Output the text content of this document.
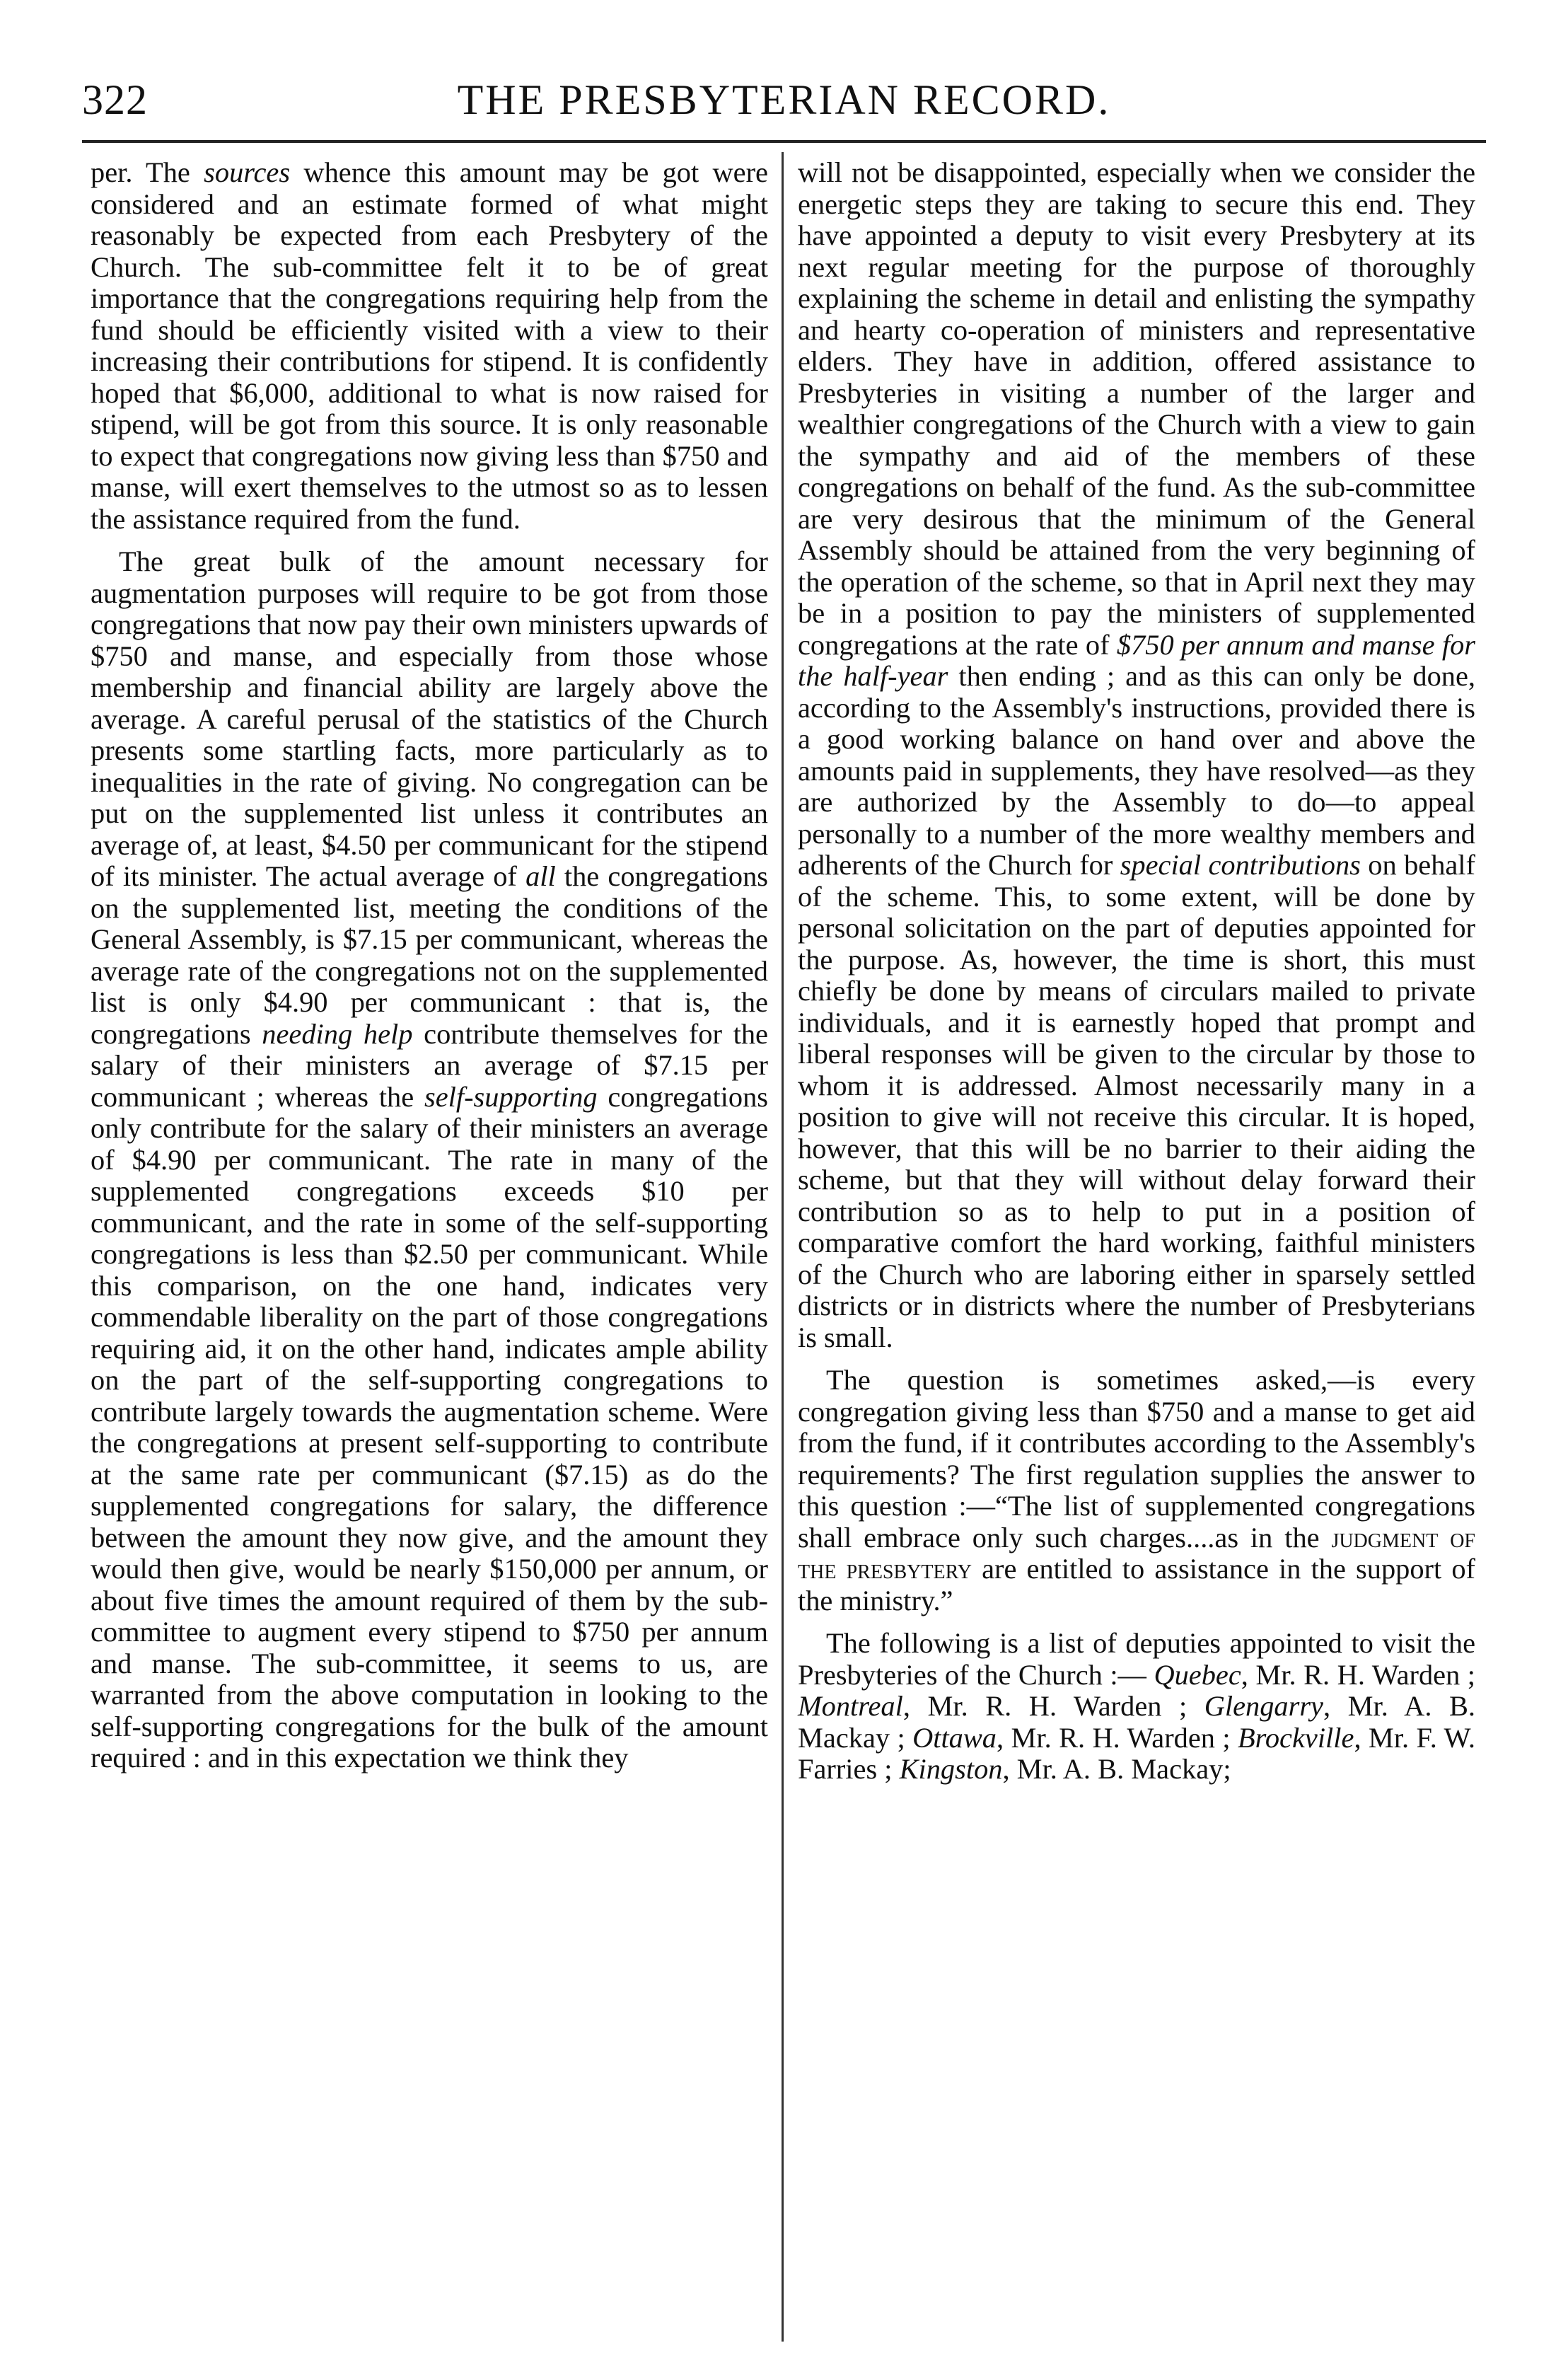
322	THE PRESBYTERIAN RECORD.

per. The sources whence this amount may be got were considered and an estimate formed of what might reasonably be expected from each Presbytery of the Church. The sub-committee felt it to be of great importance that the congregations requiring help from the fund should be efficiently visited with a view to their increasing their contributions for stipend. It is confidently hoped that $6,000, additional to what is now raised for stipend, will be got from this source. It is only reasonable to expect that congregations now giving less than $750 and manse, will exert themselves to the utmost so as to lessen the assistance required from the fund.

The great bulk of the amount necessary for augmentation purposes will require to be got from those congregations that now pay their own ministers upwards of $750 and manse, and especially from those whose membership and financial ability are largely above the average. A careful perusal of the statistics of the Church presents some startling facts, more particularly as to inequalities in the rate of giving. No congregation can be put on the supplemented list unless it contributes an average of, at least, $4.50 per communicant for the stipend of its minister. The actual average of all the congregations on the supplemented list, meeting the conditions of the General Assembly, is $7.15 per communicant, whereas the average rate of the congregations not on the supplemented list is only $4.90 per communicant : that is, the congregations needing help contribute themselves for the salary of their ministers an average of $7.15 per communicant ; whereas the self-supporting congregations only contribute for the salary of their ministers an average of $4.90 per communicant. The rate in many of the supplemented congregations exceeds $10 per communicant, and the rate in some of the self-supporting congregations is less than $2.50 per communicant. While this comparison, on the one hand, indicates very commendable liberality on the part of those congregations requiring aid, it on the other hand, indicates ample ability on the part of the self-supporting congregations to contribute largely towards the augmentation scheme. Were the congregations at present self-supporting to contribute at the same rate per communicant ($7.15) as do the supplemented congregations for salary, the difference between the amount they now give, and the amount they would then give, would be nearly $150,000 per annum, or about five times the amount required of them by the sub-committee to augment every stipend to $750 per annum and manse. The sub-committee, it seems to us, are warranted from the above computation in looking to the self-supporting congregations for the bulk of the amount required : and in this expectation we think they

will not be disappointed, especially when we consider the energetic steps they are taking to secure this end. They have appointed a deputy to visit every Presbytery at its next regular meeting for the purpose of thoroughly explaining the scheme in detail and enlisting the sympathy and hearty co-operation of ministers and representative elders. They have in addition, offered assistance to Presbyteries in visiting a number of the larger and wealthier congregations of the Church with a view to gain the sympathy and aid of the members of these congregations on behalf of the fund. As the sub-committee are very desirous that the minimum of the General Assembly should be attained from the very beginning of the operation of the scheme, so that in April next they may be in a position to pay the ministers of supplemented congregations at the rate of $750 per annum and manse for the half-year then ending ; and as this can only be done, according to the Assembly's instructions, provided there is a good working balance on hand over and above the amounts paid in supplements, they have resolved—as they are authorized by the Assembly to do—to appeal personally to a number of the more wealthy members and adherents of the Church for special contributions on behalf of the scheme. This, to some extent, will be done by personal solicitation on the part of deputies appointed for the purpose. As, however, the time is short, this must chiefly be done by means of circulars mailed to private individuals, and it is earnestly hoped that prompt and liberal responses will be given to the circular by those to whom it is addressed. Almost necessarily many in a position to give will not receive this circular. It is hoped, however, that this will be no barrier to their aiding the scheme, but that they will without delay forward their contribution so as to help to put in a position of comparative comfort the hard working, faithful ministers of the Church who are laboring either in sparsely settled districts or in districts where the number of Presbyterians is small.

The question is sometimes asked,—is every congregation giving less than $750 and a manse to get aid from the fund, if it contributes according to the Assembly's requirements? The first regulation supplies the answer to this question :—“The list of supplemented congregations shall embrace only such charges....as in the judgment of the presbytery are entitled to assistance in the support of the ministry.”

The following is a list of deputies appointed to visit the Presbyteries of the Church :— Quebec, Mr. R. H. Warden ; Montreal, Mr. R. H. Warden ; Glengarry, Mr. A. B. Mackay ; Ottawa, Mr. R. H. Warden ; Brockville, Mr. F. W. Farries ; Kingston, Mr. A. B. Mackay;
